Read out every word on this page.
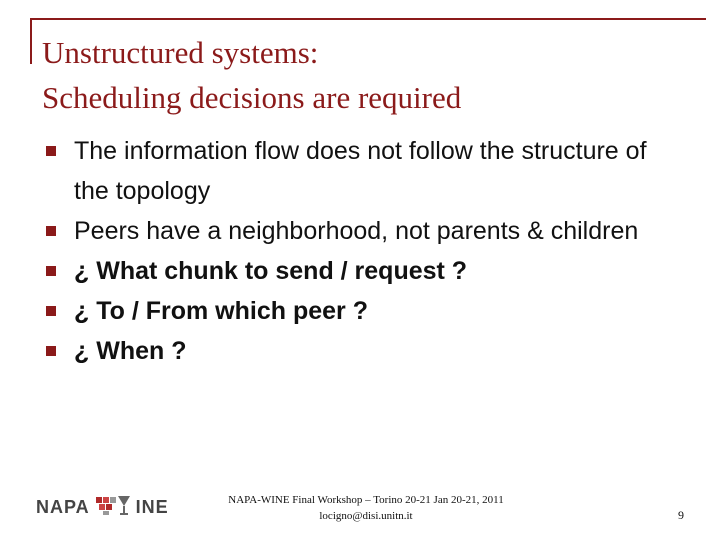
Unstructured systems:
Scheduling decisions are required
The information flow does not follow the structure of the topology
Peers have a neighborhood, not parents & children
¿ What chunk to send / request ?
¿ To / From which peer ?
¿ When ?
NAPA	INE	NAPA-WINE Final Workshop – Torino 20-21 Jan 20-21, 2011
locigno@disi.unitn.it	9
